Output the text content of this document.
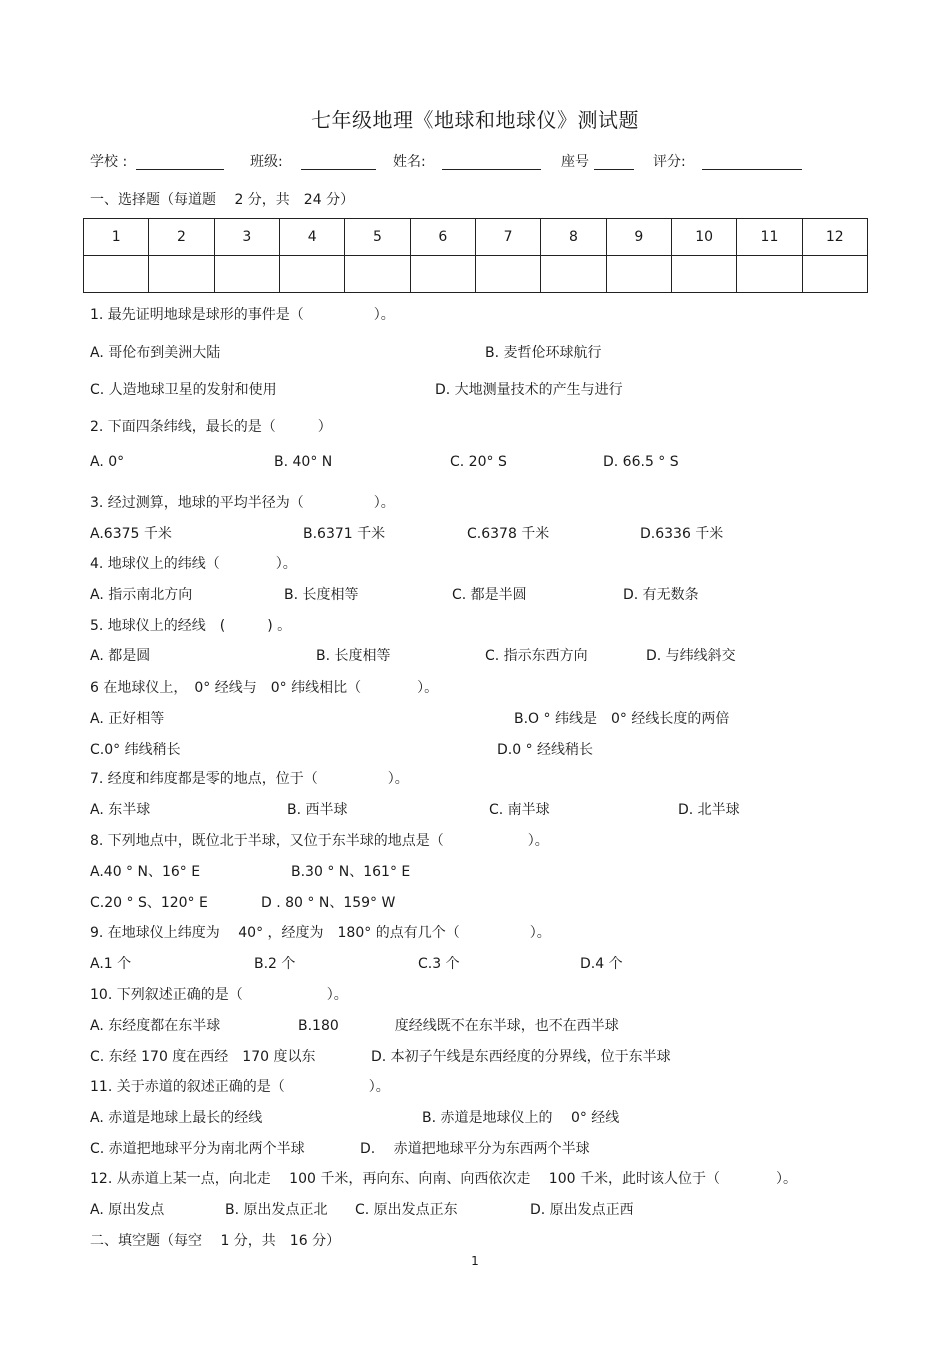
七年级地理《地球和地球仪》测试题
学校 :	班级:	姓名:	座号	评分:
一、选择题（每道题　 2 分，共　24 分）
1	2	3	4	5	6	7	8	9	10	11	12

1. 最先证明地球是球形的事件是（　　　　　）。
A. 哥伦布到美洲大陆	B. 麦哲伦环球航行
C. 人造地球卫星的发射和使用	D. 大地测量技术的产生与进行
2. 下面四条纬线，最长的是（　　　）
A. 0°	B. 40° N	C. 20° S	D. 66.5 ° S
3. 经过测算，地球的平均半径为（　　　　　）。
A.6375 千米	B.6371 千米	C.6378 千米	D.6336 千米
4. 地球仪上的纬线（　　　　）。
A. 指示南北方向	B. 长度相等	C. 都是半圆	D. 有无数条
5. 地球仪上的经线　(　　　) 。
A. 都是圆	B. 长度相等	C. 指示东西方向	D. 与纬线斜交
6 在地球仪上，　0° 经线与　0° 纬线相比（　　　　）。
A. 正好相等	B.O ° 纬线是　0° 经线长度的两倍
C.0° 纬线稍长	D.0 ° 经线稍长
7. 经度和纬度都是零的地点，位于（　　　　　）。
A. 东半球	B. 西半球	C. 南半球	D. 北半球
8. 下列地点中，既位北于半球，又位于东半球的地点是（　　　　　　）。
A.40 ° N、16° E	B.30 ° N、161° E
C.20 ° S、120° E	D . 80 ° N、159° W
9. 在地球仪上纬度为　 40° ，经度为　180° 的点有几个（　　　　　）。
A.1 个	B.2 个	C.3 个	D.4 个
10. 下列叙述正确的是（　　　　　　）。
A. 东经度都在东半球	B.180　　　　度经线既不在东半球，也不在西半球
C. 东经 170 度在西经　170 度以东	D. 本初子午线是东西经度的分界线，位于东半球
11. 关于赤道的叙述正确的是（　　　　　　）。
A. 赤道是地球上最长的经线	B. 赤道是地球仪上的　 0° 经线
C. 赤道把地球平分为南北两个半球	D.　 赤道把地球平分为东西两个半球
12. 从赤道上某一点，向北走　 100 千米，再向东、向南、向西依次走　 100 千米，此时该人位于（　　　　）。
A. 原出发点	B. 原出发点正北 C. 原出发点正东	D. 原出发点正西
二、填空题（每空　 1 分，共　16 分）
1
